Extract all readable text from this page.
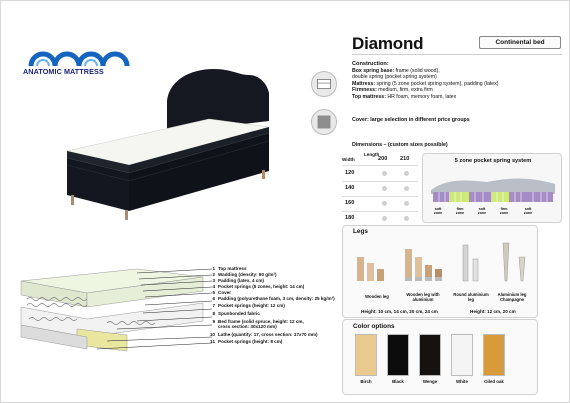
ANATOMIC MATTRESS
Diamond	Continental bed
Construction:
Box spring base: frame (solid wood),
double spring (pocket spring system)
Mattress: spring (5 zone pocket spring system), padding (latex)
Firmness: medium, firm, extra firm
Top mattress: HR foam, memory foam, latex
Cover: large selection in different price groups
Dimensions – (custom sizes possible)
Length
Width	200 210
120
140
160
180
5 zone pocket spring system
soft zone
firm zone
soft zone
firm zone
soft zone
Legs
Wooden leg	Wooden leg with aluminium
Round aluminium leg
Aluminium leg Champagne
Height: 10 cm, 14 cm, 20 cm, 24 cm	Height: 12 cm, 20 cm
Color options
Birch	Black	Wenge	White	Oiled oak
1 Top mattress
2 Wadding (density: 80 g/m²)
3 Padding (latex, 4 cm)
4 Pocket springs (5 zones, height: 14 cm)
5 Cover
6 Padding (polyurethane foam, 3 cm, density: 25 kg/m³)
7 Pocket springs (height: 12 cm)
8 Spunbonded fabric
9 Bed frame (solid spruce, height: 12 cm,
cross section: 30x120 mm)
10 Lathe (quantity: 17, cross section: 17x70 mm)
11 Pocket springs (height: 8 cm)
